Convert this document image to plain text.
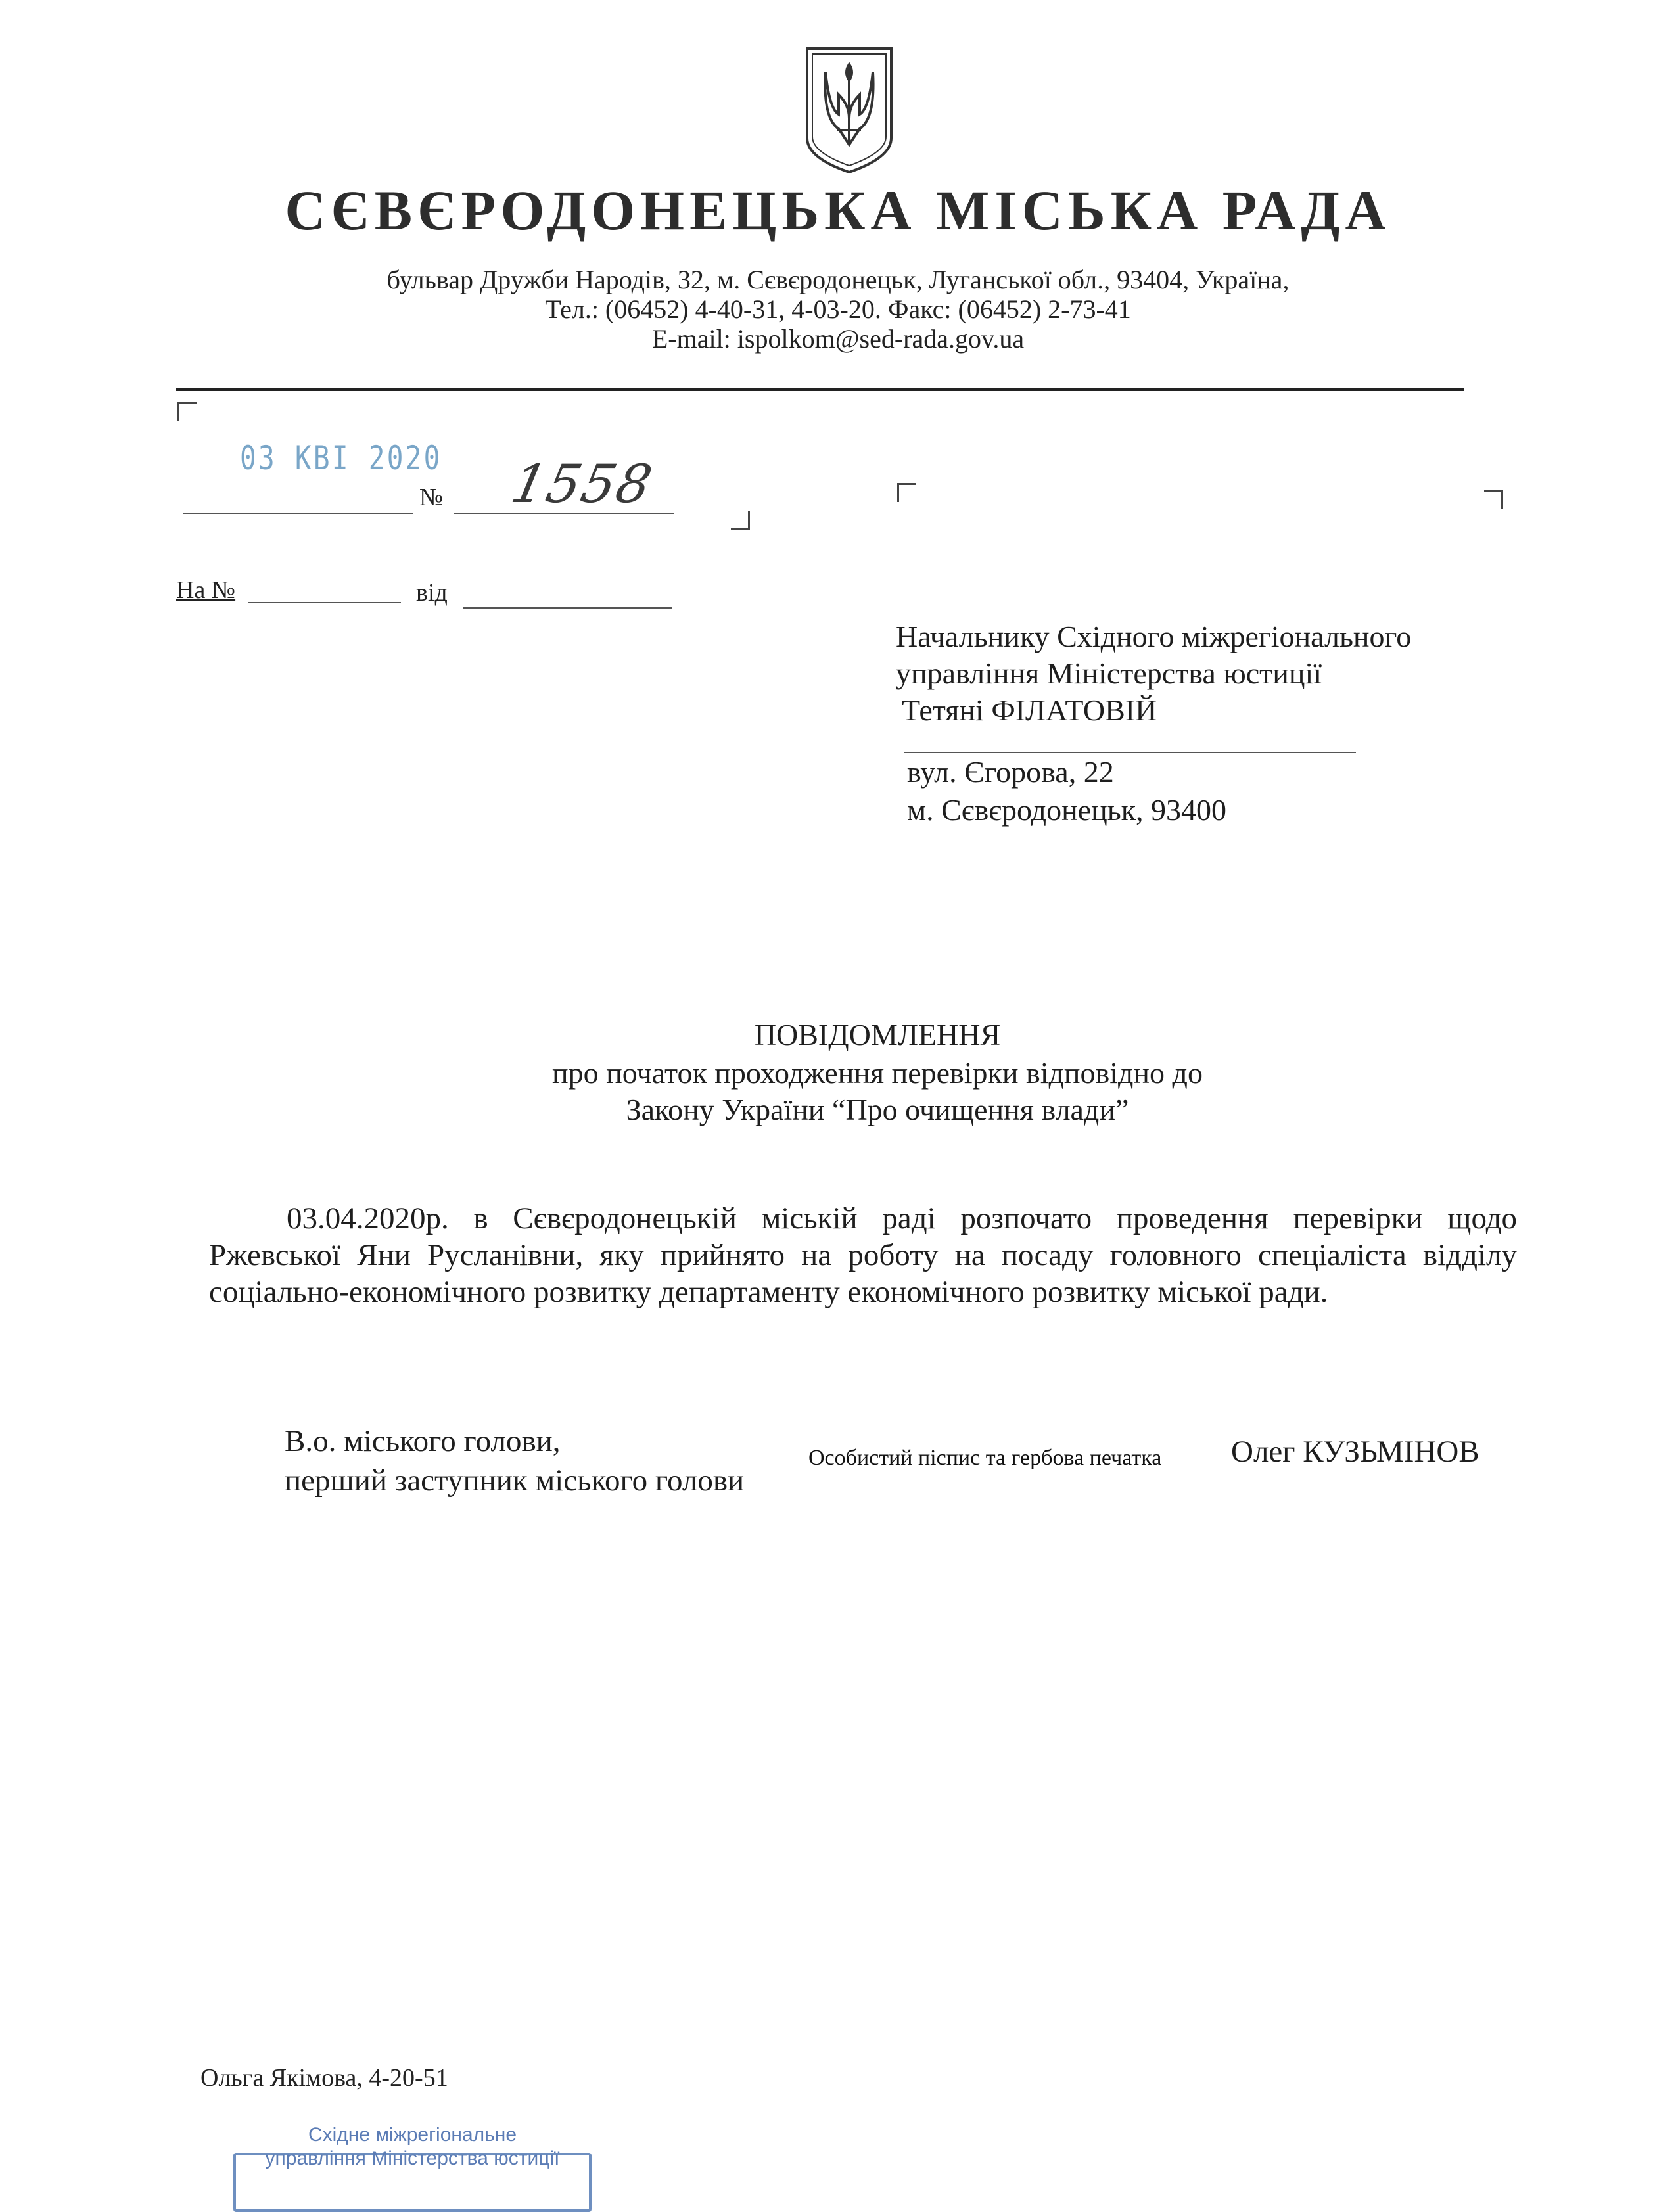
СЄВЄРОДОНЕЦЬКА МІСЬКА РАДА
бульвар Дружби Народів, 32, м. Сєвєродонецьк, Луганської обл., 93404, Україна,
Тел.: (06452) 4-40-31, 4-03-20. Факс: (06452) 2-73-41
E-mail: ispolkom@sed-rada.gov.ua
03 КВІ 2020
№ 1558
На №	від
Начальнику Східного міжрегіонального
управління Міністерства юстиції
Тетяні ФІЛАТОВІЙ
вул. Єгорова, 22
м. Сєвєродонецьк, 93400
ПОВІДОМЛЕННЯ
про початок проходження перевірки відповідно до
Закону України “Про очищення влади”
03.04.2020р. в Сєвєродонецькій міській раді розпочато проведення перевірки щодо Ржевської Яни Русланівни, яку прийнято на роботу на посаду головного спеціаліста відділу соціально-економічного розвитку департаменту економічного розвитку міської ради.
В.о. міського голови,
перший заступник міського голови
Особистий піспис та гербова печатка Олег КУЗЬМІНОВ
Ольга Якімова, 4-20-51
Східне міжрегіональне
управління Міністерства юстиції
